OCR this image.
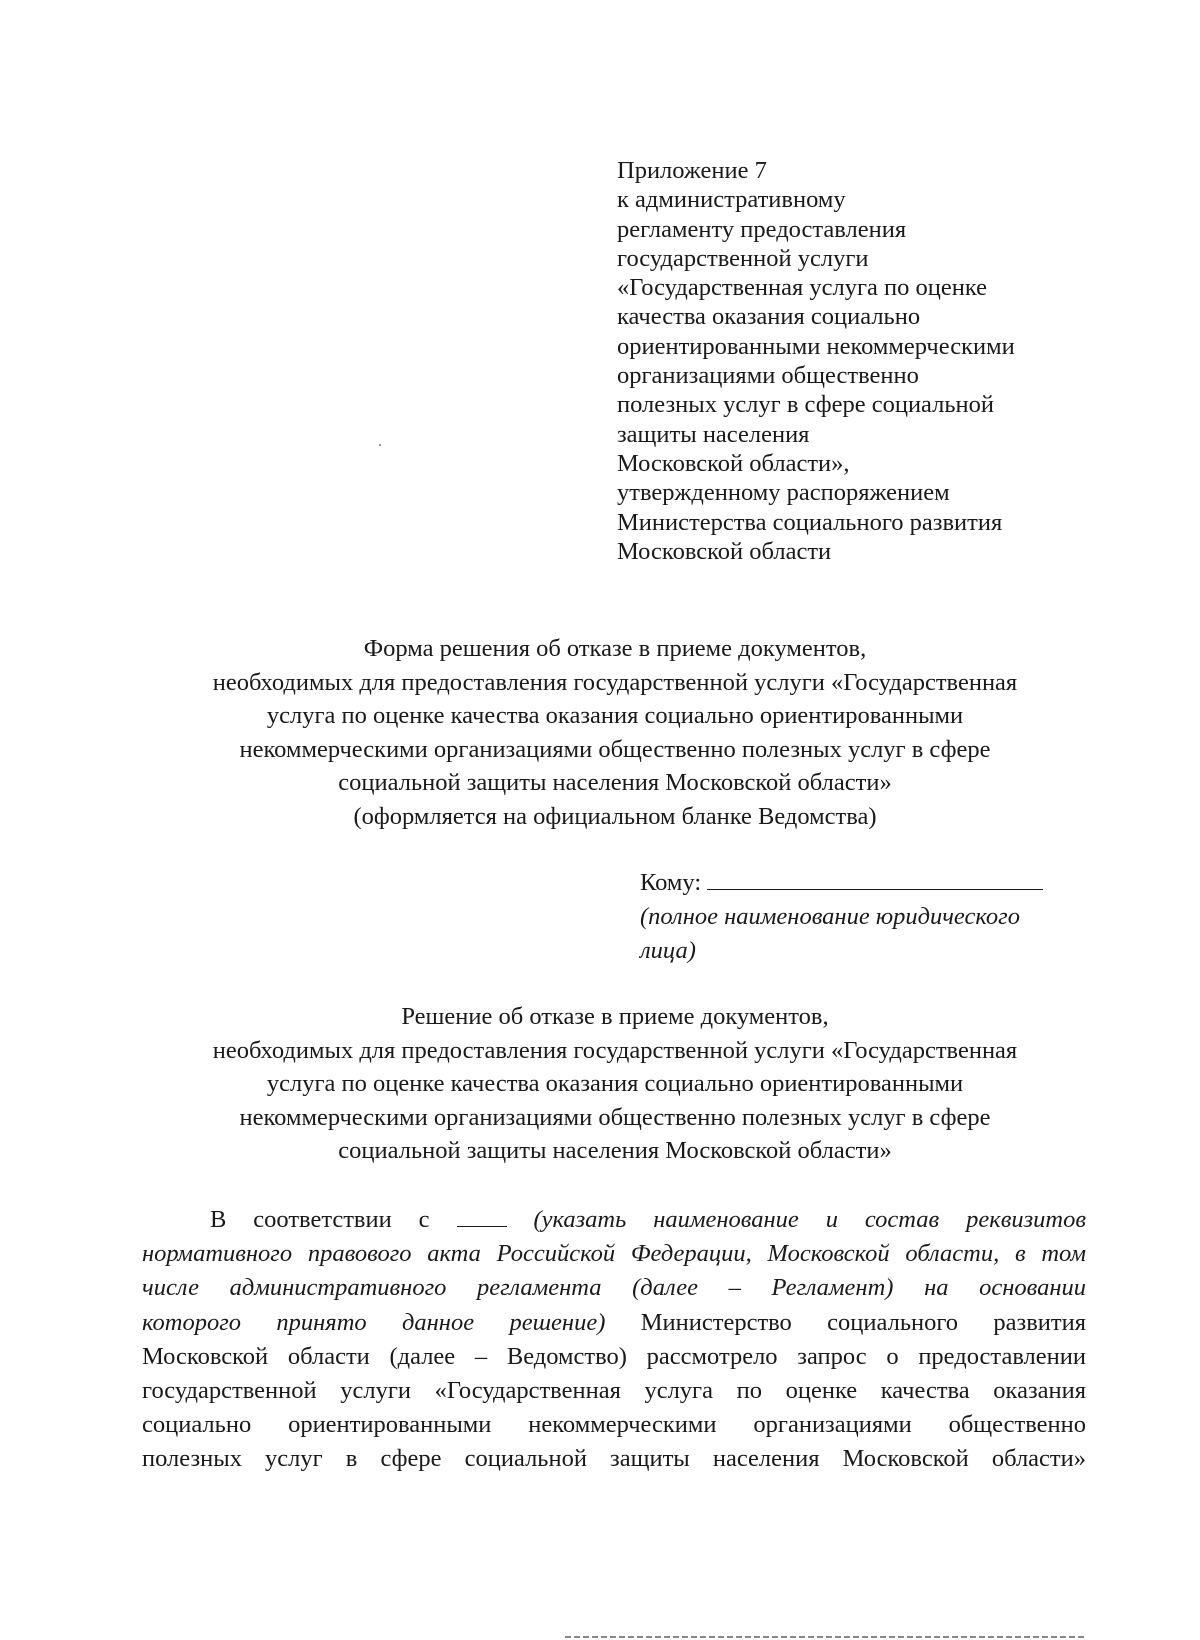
Приложение 7
к административному
регламенту предоставления
государственной услуги
«Государственная услуга по оценке
качества оказания социально
ориентированными некоммерческими
организациями общественно
полезных услуг в сфере социальной
защиты населения
Московской области»,
утвержденному распоряжением
Министерства социального развития
Московской области
Форма решения об отказе в приеме документов,
необходимых для предоставления государственной услуги «Государственная
услуга по оценке качества оказания социально ориентированными
некоммерческими организациями общественно полезных услуг в сфере
социальной защиты населения Московской области»
(оформляется на официальном бланке Ведомства)
Кому:
(полное наименование юридического
лица)
Решение об отказе в приеме документов,
необходимых для предоставления государственной услуги «Государственная
услуга по оценке качества оказания социально ориентированными
некоммерческими организациями общественно полезных услуг в сфере
социальной защиты населения Московской области»
В соответствии с	(указать наименование и состав реквизитов
нормативного правового акта Российской Федерации, Московской области, в том
числе административного регламента (далее – Регламент) на основании
которого принято данное решение) Министерство социального развития
Московской области (далее – Ведомство) рассмотрело запрос о предоставлении
государственной услуги «Государственная услуга по оценке качества оказания
социально ориентированными некоммерческими организациями общественно
полезных услуг в сфере социальной защиты населения Московской области»
